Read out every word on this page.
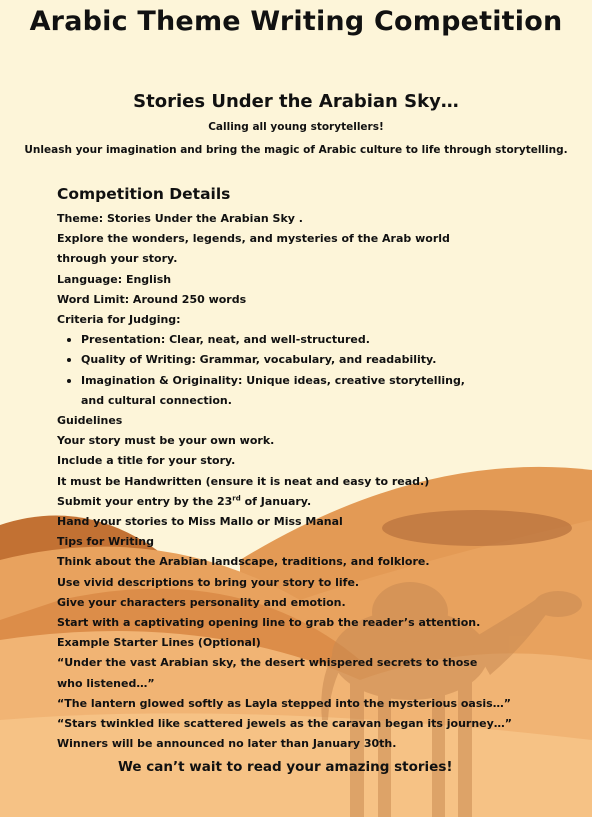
Arabic Theme Writing Competition
Stories Under the Arabian Sky…
Calling all young storytellers!
Unleash your imagination and bring the magic of Arabic culture to life through storytelling.
Competition Details
Theme: Stories Under the Arabian Sky .
Explore the wonders, legends, and mysteries of the Arab world through your story.
Language: English
Word Limit: Around 250 words
Criteria for Judging:
Presentation: Clear, neat, and well-structured.
Quality of Writing: Grammar, vocabulary, and readability.
Imagination & Originality: Unique ideas, creative storytelling, and cultural connection.
Guidelines
Your story must be your own work.
Include a title for your story.
It must be Handwritten (ensure it is neat and easy to read.)
Submit your entry by the 23rd of January.
Hand your stories to Miss Mallo or Miss Manal
Tips for Writing
Think about the Arabian landscape, traditions, and folklore.
Use vivid descriptions to bring your story to life.
Give your characters personality and emotion.
Start with a captivating opening line to grab the reader’s attention.
Example Starter Lines (Optional)
“Under the vast Arabian sky, the desert whispered secrets to those who listened…”
“The lantern glowed softly as Layla stepped into the mysterious oasis…”
“Stars twinkled like scattered jewels as the caravan began its journey…”
Winners will be announced no later than January 30th.
We can’t wait to read your amazing stories!
